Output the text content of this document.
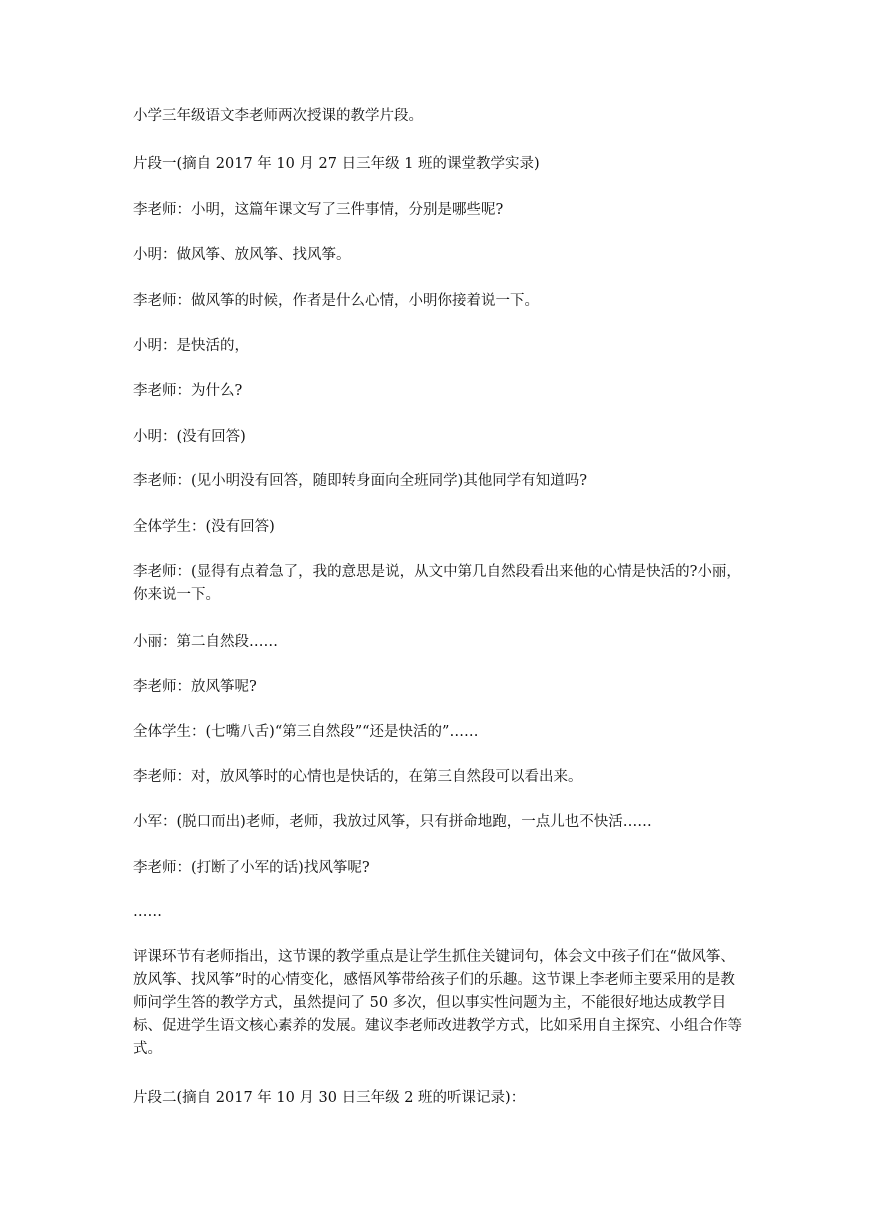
小学三年级语文李老师两次授课的教学片段。

片段一(摘自 2017 年 10 月 27 日三年级 1 班的课堂教学实录)

李老师：小明，这篇年课文写了三件事情，分别是哪些呢?

小明：做风筝、放风筝、找风筝。

李老师：做风筝的时候，作者是什么心情，小明你接着说一下。

小明：是快活的，

李老师：为什么?

小明：(没有回答)

李老师：(见小明没有回答，随即转身面向全班同学)其他同学有知道吗?

全体学生：(没有回答)

李老师：(显得有点着急了，我的意思是说，从文中第几自然段看出来他的心情是快活的?小丽，你来说一下。

小丽：第二自然段……

李老师：放风筝呢?

全体学生：(七嘴八舌)“第三自然段”“还是快活的”……

李老师：对，放风筝时的心情也是快话的，在第三自然段可以看出来。

小军：(脱口而出)老师，老师，我放过风筝，只有拼命地跑，一点儿也不快活……

李老师：(打断了小军的话)找风筝呢?

……

评课环节有老师指出，这节课的教学重点是让学生抓住关键词句，体会文中孩子们在“做风筝、放风筝、找风筝”时的心情变化，感悟风筝带给孩子们的乐趣。这节课上李老师主要采用的是教师问学生答的教学方式，虽然提问了 50 多次，但以事实性问题为主，不能很好地达成教学目标、促进学生语文核心素养的发展。建议李老师改进教学方式，比如采用自主探究、小组合作等式。

片段二(摘自 2017 年 10 月 30 日三年级 2 班的听课记录)：
